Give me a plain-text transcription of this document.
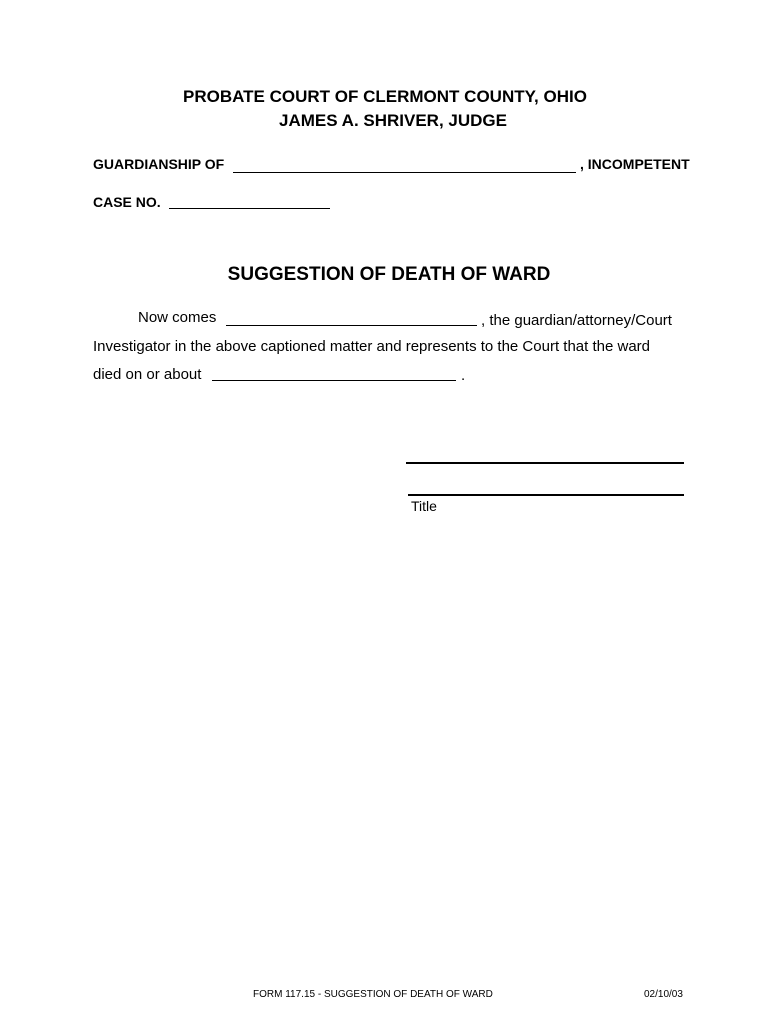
PROBATE COURT OF CLERMONT COUNTY, OHIO
JAMES A. SHRIVER, JUDGE
GUARDIANSHIP OF	, INCOMPETENT
CASE NO.
SUGGESTION OF DEATH OF WARD
Now comes	, the guardian/attorney/Court
Investigator in the above captioned matter and represents to the Court that the ward
died on or about	.
Title
FORM 117.15 - SUGGESTION OF DEATH OF WARD	02/10/03
